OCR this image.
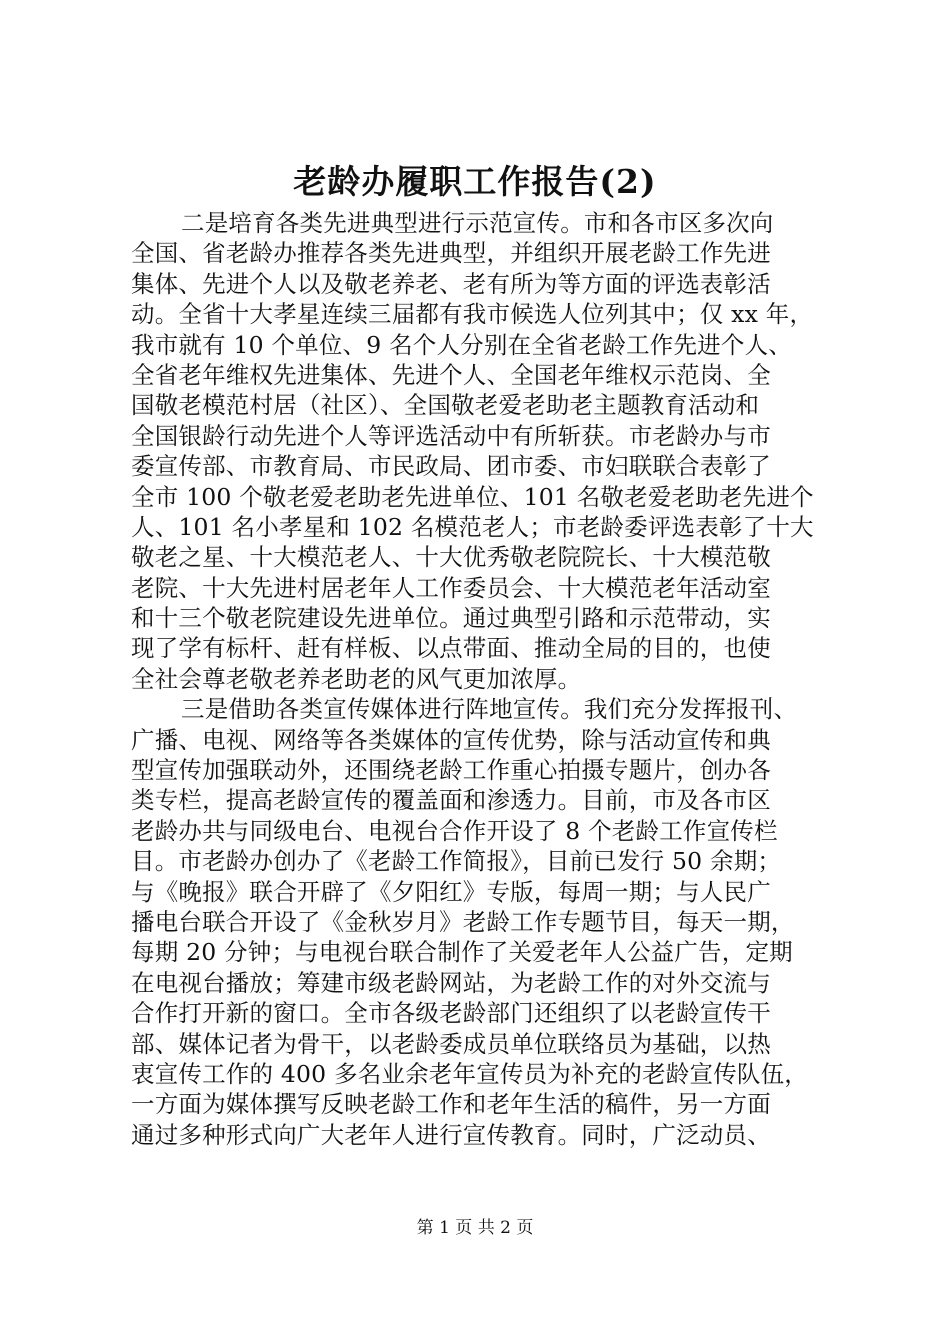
老龄办履职工作报告(2)
二是培育各类先进典型进行示范宣传。市和各市区多次向
全国、省老龄办推荐各类先进典型，并组织开展老龄工作先进
集体、先进个人以及敬老养老、老有所为等方面的评选表彰活
动。全省十大孝星连续三届都有我市候选人位列其中；仅 xx 年，
我市就有 10 个单位、9 名个人分别在全省老龄工作先进个人、
全省老年维权先进集体、先进个人、全国老年维权示范岗、全
国敬老模范村居（社区）、全国敬老爱老助老主题教育活动和
全国银龄行动先进个人等评选活动中有所斩获。市老龄办与市
委宣传部、市教育局、市民政局、团市委、市妇联联合表彰了
全市 100 个敬老爱老助老先进单位、101 名敬老爱老助老先进个
人、101 名小孝星和 102 名模范老人；市老龄委评选表彰了十大
敬老之星、十大模范老人、十大优秀敬老院院长、十大模范敬
老院、十大先进村居老年人工作委员会、十大模范老年活动室
和十三个敬老院建设先进单位。通过典型引路和示范带动，实
现了学有标杆、赶有样板、以点带面、推动全局的目的，也使
全社会尊老敬老养老助老的风气更加浓厚。
三是借助各类宣传媒体进行阵地宣传。我们充分发挥报刊、
广播、电视、网络等各类媒体的宣传优势，除与活动宣传和典
型宣传加强联动外，还围绕老龄工作重心拍摄专题片，创办各
类专栏，提高老龄宣传的覆盖面和渗透力。目前，市及各市区
老龄办共与同级电台、电视台合作开设了 8 个老龄工作宣传栏
目。市老龄办创办了《老龄工作简报》，目前已发行 50 余期；
与《晚报》联合开辟了《夕阳红》专版，每周一期；与人民广
播电台联合开设了《金秋岁月》老龄工作专题节目，每天一期，
每期 20 分钟；与电视台联合制作了关爱老年人公益广告，定期
在电视台播放；筹建市级老龄网站，为老龄工作的对外交流与
合作打开新的窗口。全市各级老龄部门还组织了以老龄宣传干
部、媒体记者为骨干，以老龄委成员单位联络员为基础，以热
衷宣传工作的 400 多名业余老年宣传员为补充的老龄宣传队伍，
一方面为媒体撰写反映老龄工作和老年生活的稿件，另一方面
通过多种形式向广大老年人进行宣传教育。同时，广泛动员、
第 1 页 共 2 页
